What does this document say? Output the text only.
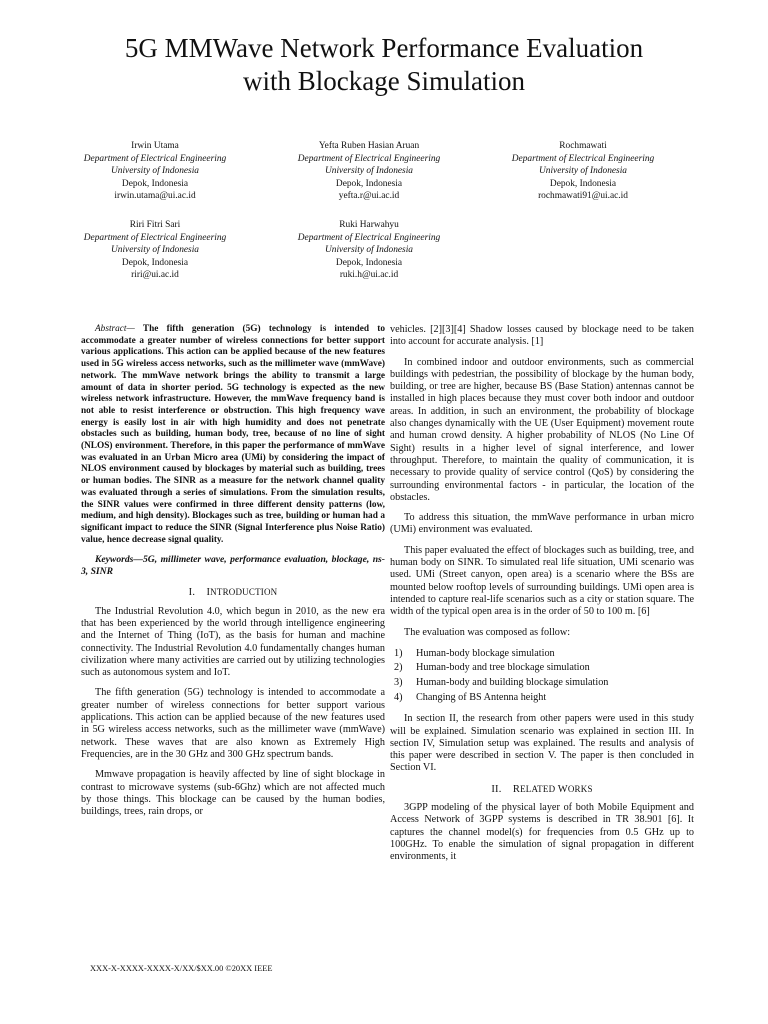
5G MMWave Network Performance Evaluation
with Blockage Simulation
Irwin Utama
Department of Electrical Engineering
University of Indonesia
Depok, Indonesia
irwin.utama@ui.ac.id
Yefta Ruben Hasian Aruan
Department of Electrical Engineering
University of Indonesia
Depok, Indonesia
yefta.r@ui.ac.id
Rochmawati
Department of Electrical Engineering
University of Indonesia
Depok, Indonesia
rochmawati91@ui.ac.id
Riri Fitri Sari
Department of Electrical Engineering
University of Indonesia
Depok, Indonesia
riri@ui.ac.id
Ruki Harwahyu
Department of Electrical Engineering
University of Indonesia
Depok, Indonesia
ruki.h@ui.ac.id

Abstract— The fifth generation (5G) technology is intended to accommodate a greater number of wireless connections for better support various applications. This action can be applied because of the new features used in 5G wireless access networks, such as the millimeter wave (mmWave) network. The mmWave network brings the ability to transmit a large amount of data in shorter period. 5G technology is expected as the new wireless network infrastructure. However, the mmWave frequency band is not able to resist interference or obstruction. This high frequency wave energy is easily lost in air with high humidity and does not penetrate obstacles such as building, human body, tree, because of no line of sight (NLOS) environment. Therefore, in this paper the performance of mmWave was evaluated in an Urban Micro area (UMi) by considering the impact of NLOS environment caused by blockages by material such as building, trees or human bodies. The SINR as a measure for the network channel quality was evaluated through a series of simulations. From the simulation results, the SINR values were confirmed in three different density patterns (low, medium, and high density). Blockages such as tree, building or human had a significant impact to reduce the SINR (Signal Interference plus Noise Ratio) value, hence decrease signal quality.

Keywords—5G, millimeter wave, performance evaluation, blockage, ns-3, SINR

I. INTRODUCTION

The Industrial Revolution 4.0, which begun in 2010, as the new era that has been experienced by the world through intelligence engineering and the Internet of Thing (IoT), as the basis for human and machine connectivity. The Industrial Revolution 4.0 fundamentally changes human civilization where many activities are carried out by utilizing technologies such as autonomous system and IoT.

The fifth generation (5G) technology is intended to accommodate a greater number of wireless connections for better support various applications. This action can be applied because of the new features used in 5G wireless access networks, such as the millimeter wave (mmWave) network. These waves that are also known as Extremely High Frequencies, are in the 30 GHz and 300 GHz spectrum bands.

Mmwave propagation is heavily affected by line of sight blockage in contrast to microwave systems (sub-6Ghz) which are not affected much by those things. This blockage can be caused by the human bodies, buildings, trees, rain drops, or

vehicles. [2][3][4] Shadow losses caused by blockage need to be taken into account for accurate analysis. [1]

In combined indoor and outdoor environments, such as commercial buildings with pedestrian, the possibility of blockage by the human body, building, or tree are higher, because BS (Base Station) antennas cannot be installed in high places because they must cover both indoor and outdoor areas. In addition, in such an environment, the probability of blockage also changes dynamically with the UE (User Equipment) movement route and human crowd density. A higher probability of NLOS (No Line Of Sight) results in a higher level of signal interference, and lower throughput. Therefore, to maintain the quality of communication, it is necessary to provide quality of service control (QoS) by considering the surrounding environmental factors - in particular, the location of the obstacles.

To address this situation, the mmWave performance in urban micro (UMi) environment was evaluated.

This paper evaluated the effect of blockages such as building, tree, and human body on SINR. To simulated real life situation, UMi scenario was used. UMi (Street canyon, open area) is a scenario where the BSs are mounted below rooftop levels of surrounding buildings. UMi open area is intended to capture real-life scenarios such as a city or station square. The width of the typical open area is in the order of 50 to 100 m. [6]

The evaluation was composed as follow:

1)	Human-body blockage simulation
2)	Human-body and tree blockage simulation
3)	Human-body and building blockage simulation
4)	Changing of BS Antenna height

In section II, the research from other papers were used in this study will be explained. Simulation scenario was explained in section III. In section IV, Simulation setup was explained. The results and analysis of this paper were described in section V. The paper is then concluded in Section VI.

II. RELATED WORKS

3GPP modeling of the physical layer of both Mobile Equipment and Access Network of 3GPP systems is described in TR 38.901 [6]. It captures the channel model(s) for frequencies from 0.5 GHz up to 100GHz. To enable the simulation of signal propagation in different environments, it

XXX-X-XXXX-XXXX-X/XX/$XX.00 ©20XX IEEE
